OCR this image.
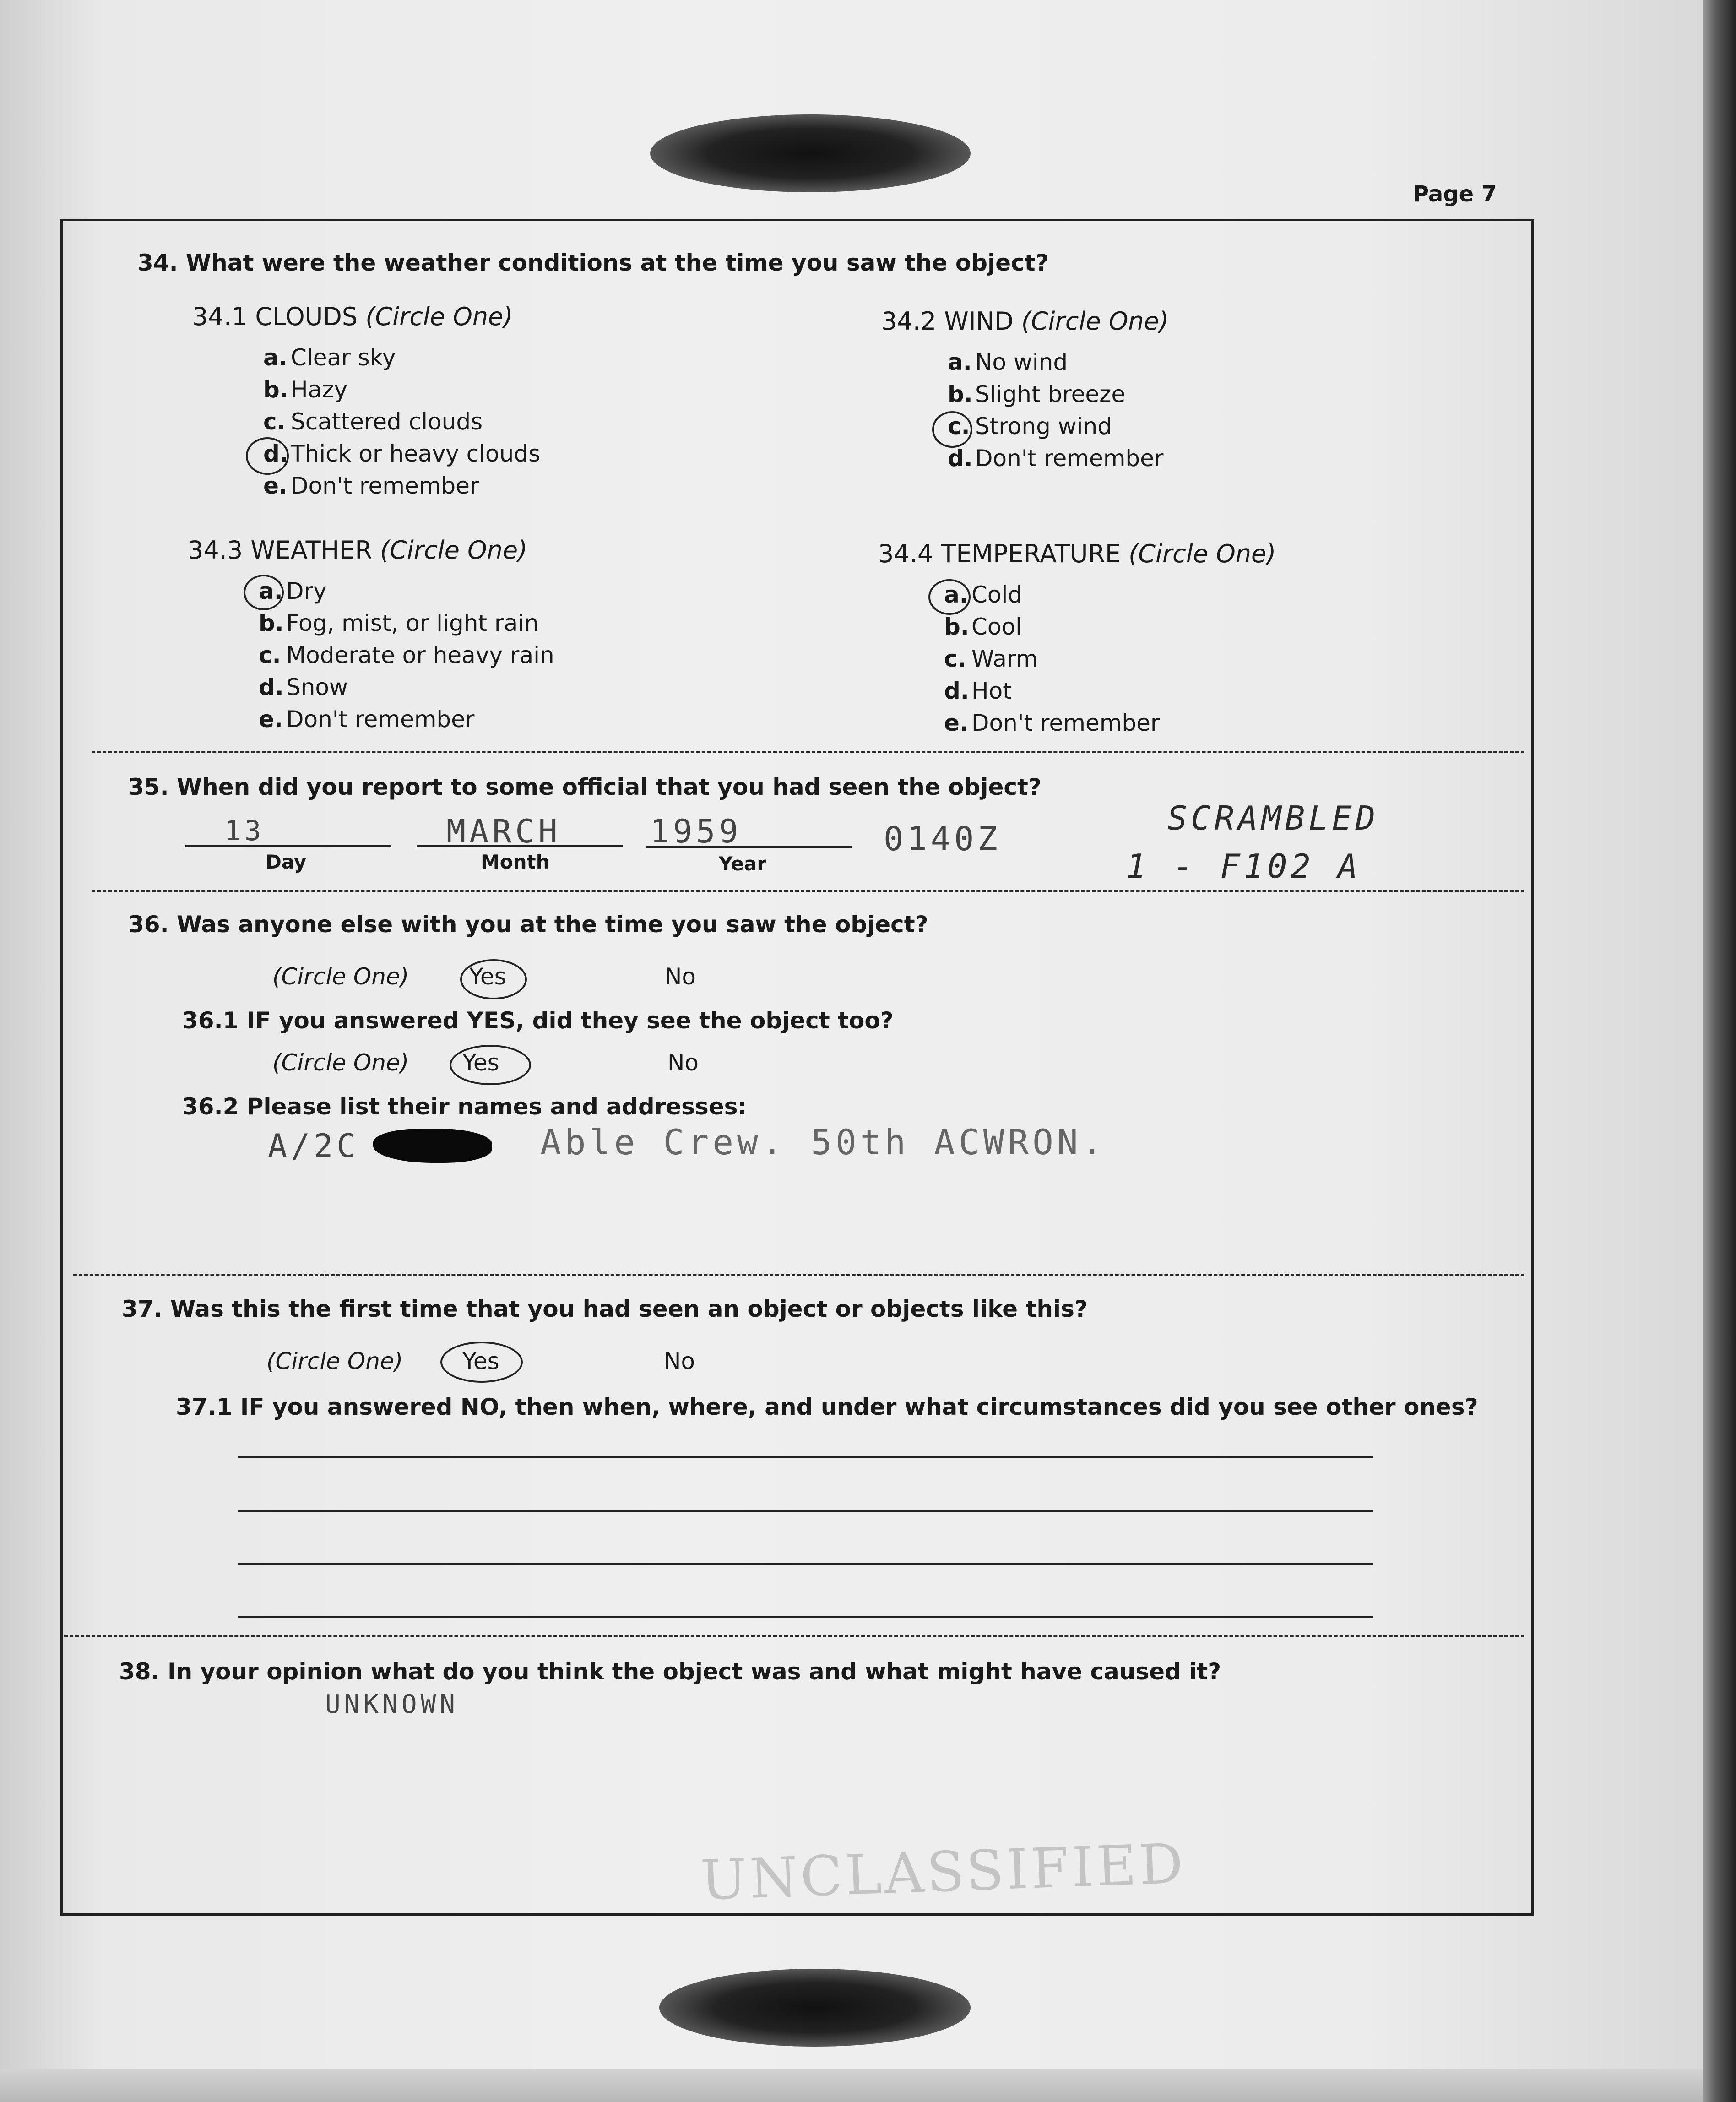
Page 7
34. What were the weather conditions at the time you saw the object?
34.1 CLOUDS (Circle One)
a. Clear sky
b. Hazy
c. Scattered clouds
d. Thick or heavy clouds
e. Don't remember
34.2 WIND (Circle One)
a. No wind
b. Slight breeze
c. Strong wind
d. Don't remember
34.3 WEATHER (Circle One)
a. Dry
b. Fog, mist, or light rain
c. Moderate or heavy rain
d. Snow
e. Don't remember
34.4 TEMPERATURE (Circle One)
a. Cold
b. Cool
c. Warm
d. Hot
e. Don't remember
35. When did you report to some official that you had seen the object?
13
Day
MARCH
Month
1959
Year
0140Z
SCRAMBLED
1 - F102 A
36. Was anyone else with you at the time you saw the object?
(Circle One)	Yes	No
36.1 IF you answered YES, did they see the object too?
(Circle One) Yes	No
36.2 Please list their names and addresses:
A/2C	Able Crew. 50th ACWRON.
37. Was this the first time that you had seen an object or objects like this?
(Circle One)	Yes	No
37.1 IF you answered NO, then when, where, and under what circumstances did you see other ones?
38. In your opinion what do you think the object was and what might have caused it?
UNKNOWN
UNCLASSIFIED
